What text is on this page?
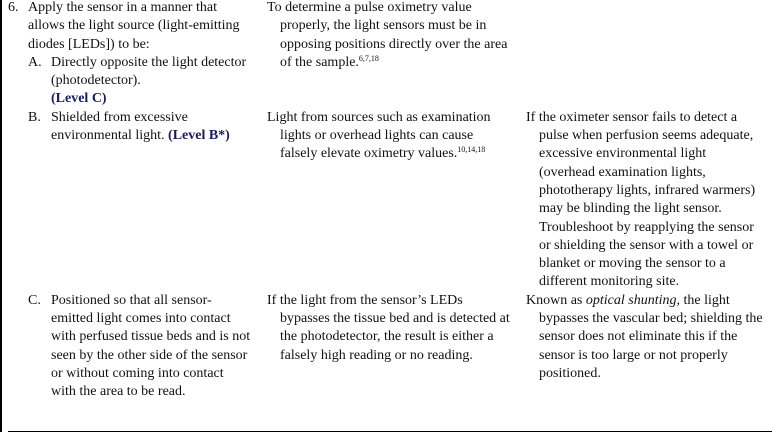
6. Apply the sensor in a manner that allows the light source (light-emitting diodes [LEDs]) to be:
A. Directly opposite the light detector (photodetector).
(Level C)
To determine a pulse oximetry value properly, the light sensors must be in opposing positions directly over the area of the sample.$^{6,7,18}$
B. Shielded from excessive environmental light. (Level B*)
Light from sources such as examination lights or overhead lights can cause falsely elevate oximetry values.$^{10,14,18}$
If the oximeter sensor fails to detect a pulse when perfusion seems adequate, excessive environmental light (overhead examination lights, phototherapy lights, infrared warmers) may be blinding the light sensor. Troubleshoot by reapplying the sensor or shielding the sensor with a towel or blanket or moving the sensor to a different monitoring site.
C. Positioned so that all sensor-emitted light comes into contact with perfused tissue beds and is not seen by the other side of the sensor or without coming into contact with the area to be read.
If the light from the sensor’s LEDs bypasses the tissue bed and is detected at the photodetector, the result is either a falsely high reading or no reading.
Known as optical shunting, the light bypasses the vascular bed; shielding the sensor does not eliminate this if the sensor is too large or not properly positioned.
